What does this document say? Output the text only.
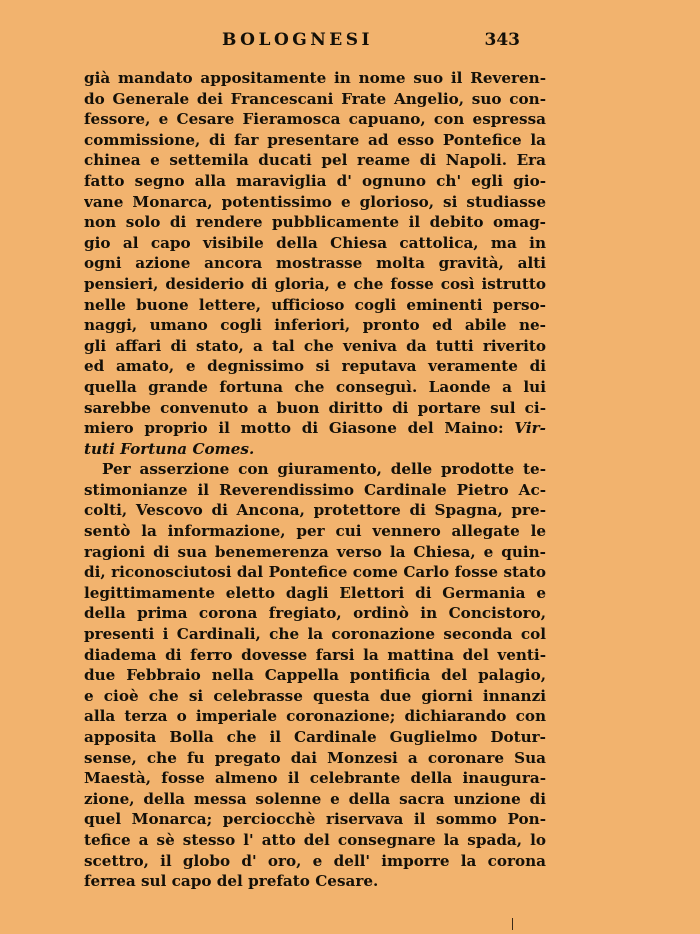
BOLOGNESI	343
già mandato appositamente in nome suo il Reveren-
do Generale dei Francescani Frate Angelio, suo con-
fessore, e Cesare Fieramosca capuano, con espressa
commissione, di far presentare ad esso Pontefice la
chinea e settemila ducati pel reame di Napoli. Era
fatto segno alla maraviglia d' ognuno ch' egli gio-
vane Monarca, potentissimo e glorioso, si studiasse
non solo di rendere pubblicamente il debito omag-
gio al capo visibile della Chiesa cattolica, ma in
ogni azione ancora mostrasse molta gravità, alti
pensieri, desiderio di gloria, e che fosse così istrutto
nelle buone lettere, ufficioso cogli eminenti perso-
naggi, umano cogli inferiori, pronto ed abile ne-
gli affari di stato, a tal che veniva da tutti riverito
ed amato, e degnissimo si reputava veramente di
quella grande fortuna che conseguì. Laonde a lui
sarebbe convenuto a buon diritto di portare sul ci-
miero proprio il motto di Giasone del Maino: Vir-
tuti Fortuna Comes.
Per asserzione con giuramento, delle prodotte te-
stimonianze il Reverendissimo Cardinale Pietro Ac-
colti, Vescovo di Ancona, protettore di Spagna, pre-
sentò la informazione, per cui vennero allegate le
ragioni di sua benemerenza verso la Chiesa, e quin-
di, riconosciutosi dal Pontefice come Carlo fosse stato
legittimamente eletto dagli Elettori di Germania e
della prima corona fregiato, ordinò in Concistoro,
presenti i Cardinali, che la coronazione seconda col
diadema di ferro dovesse farsi la mattina del venti-
due Febbraio nella Cappella pontificia del palagio,
e cioè che si celebrasse questa due giorni innanzi
alla terza o imperiale coronazione; dichiarando con
apposita Bolla che il Cardinale Guglielmo Dotur-
sense, che fu pregato dai Monzesi a coronare Sua
Maestà, fosse almeno il celebrante della inaugura-
zione, della messa solenne e della sacra unzione di
quel Monarca; perciocchè riservava il sommo Pon-
tefice a sè stesso l' atto del consegnare la spada, lo
scettro, il globo d' oro, e dell' imporre la corona
ferrea sul capo del prefato Cesare.
